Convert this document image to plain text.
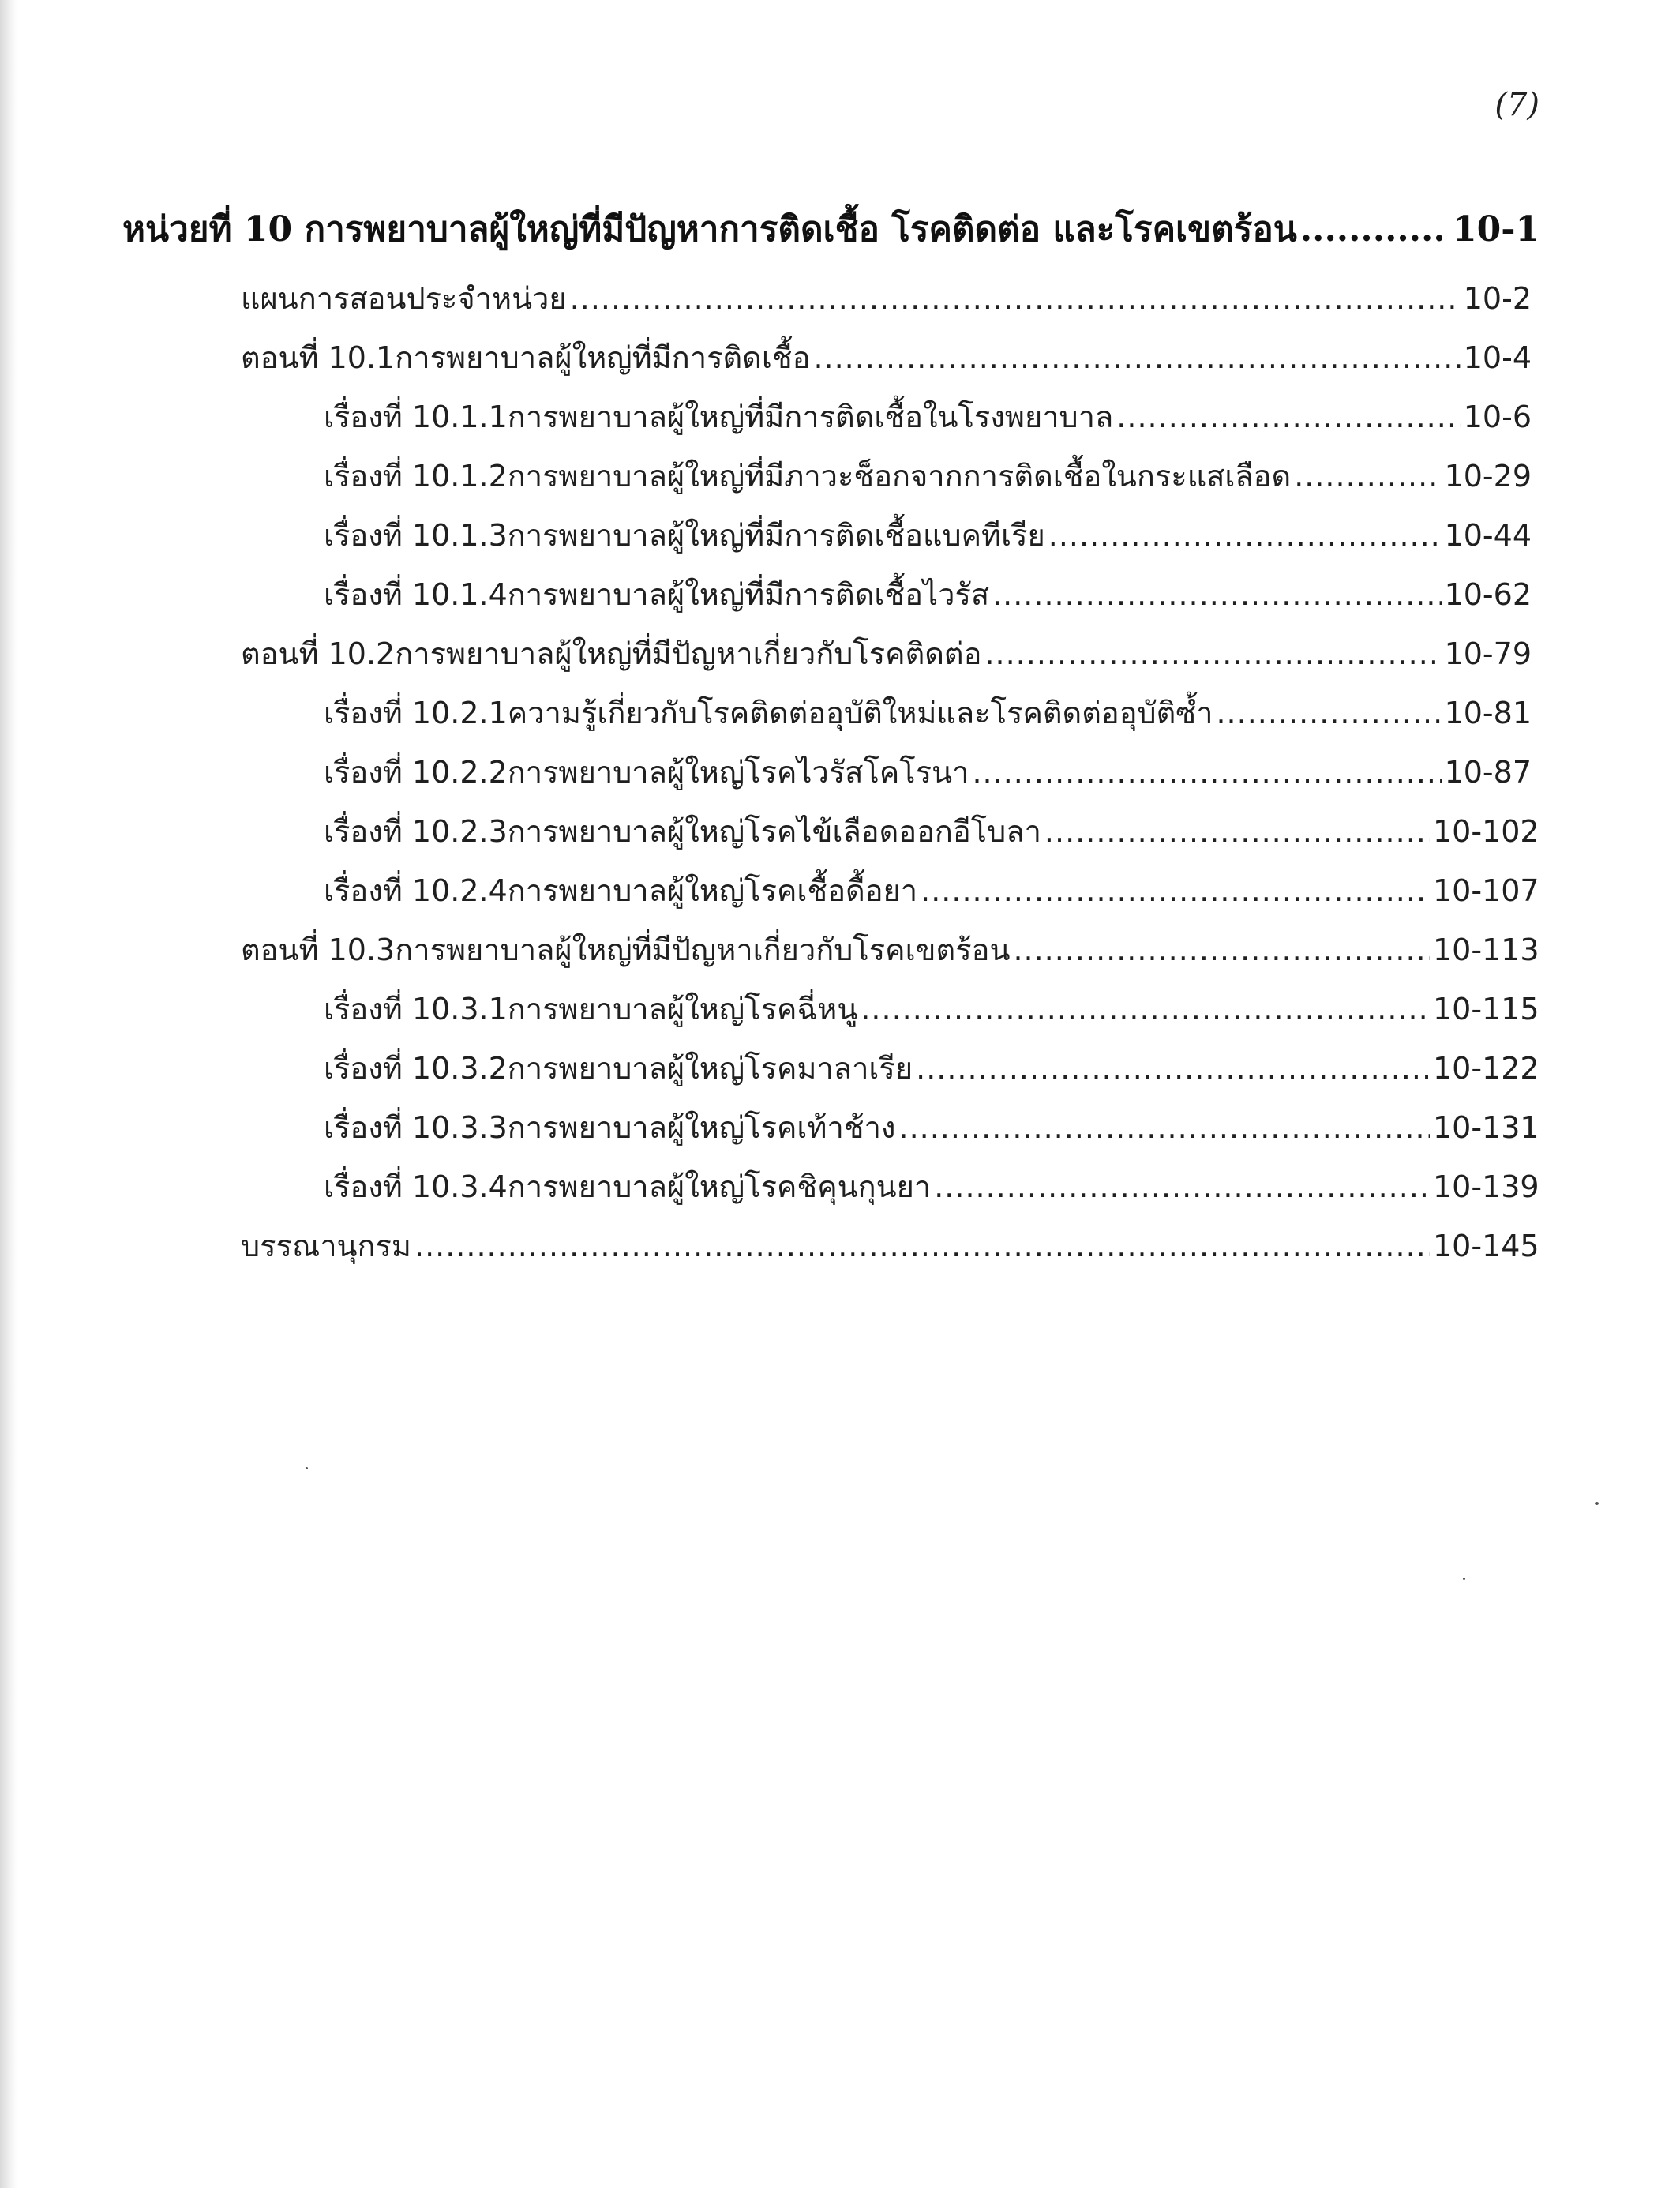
(7)
หน่วยที่ 10 การพยาบาลผู้ใหญ่ที่มีปัญหาการติดเชื้อ โรคติดต่อ และโรคเขตร้อน .....	10-1
แผนการสอนประจำหน่วย .....	10-2
ตอนที่ 10.1 การพยาบาลผู้ใหญ่ที่มีการติดเชื้อ .....	10-4
เรื่องที่ 10.1.1 การพยาบาลผู้ใหญ่ที่มีการติดเชื้อในโรงพยาบาล .....	10-6
เรื่องที่ 10.1.2 การพยาบาลผู้ใหญ่ที่มีภาวะช็อกจากการติดเชื้อในกระแสเลือด .....	10-29
เรื่องที่ 10.1.3 การพยาบาลผู้ใหญ่ที่มีการติดเชื้อแบคทีเรีย .....	10-44
เรื่องที่ 10.1.4 การพยาบาลผู้ใหญ่ที่มีการติดเชื้อไวรัส .....	10-62
ตอนที่ 10.2 การพยาบาลผู้ใหญ่ที่มีปัญหาเกี่ยวกับโรคติดต่อ .....	10-79
เรื่องที่ 10.2.1 ความรู้เกี่ยวกับโรคติดต่ออุบัติใหม่และโรคติดต่ออุบัติซ้ำ .....	10-81
เรื่องที่ 10.2.2 การพยาบาลผู้ใหญ่โรคไวรัสโคโรนา .....	10-87
เรื่องที่ 10.2.3 การพยาบาลผู้ใหญ่โรคไข้เลือดออกอีโบลา .....	10-102
เรื่องที่ 10.2.4 การพยาบาลผู้ใหญ่โรคเชื้อดื้อยา .....	10-107
ตอนที่ 10.3 การพยาบาลผู้ใหญ่ที่มีปัญหาเกี่ยวกับโรคเขตร้อน .....	10-113
เรื่องที่ 10.3.1 การพยาบาลผู้ใหญ่โรคฉี่หนู .....	10-115
เรื่องที่ 10.3.2 การพยาบาลผู้ใหญ่โรคมาลาเรีย .....	10-122
เรื่องที่ 10.3.3 การพยาบาลผู้ใหญ่โรคเท้าช้าง .....	10-131
เรื่องที่ 10.3.4 การพยาบาลผู้ใหญ่โรคชิคุนกุนยา .....	10-139
บรรณานุกรม .....	10-145
